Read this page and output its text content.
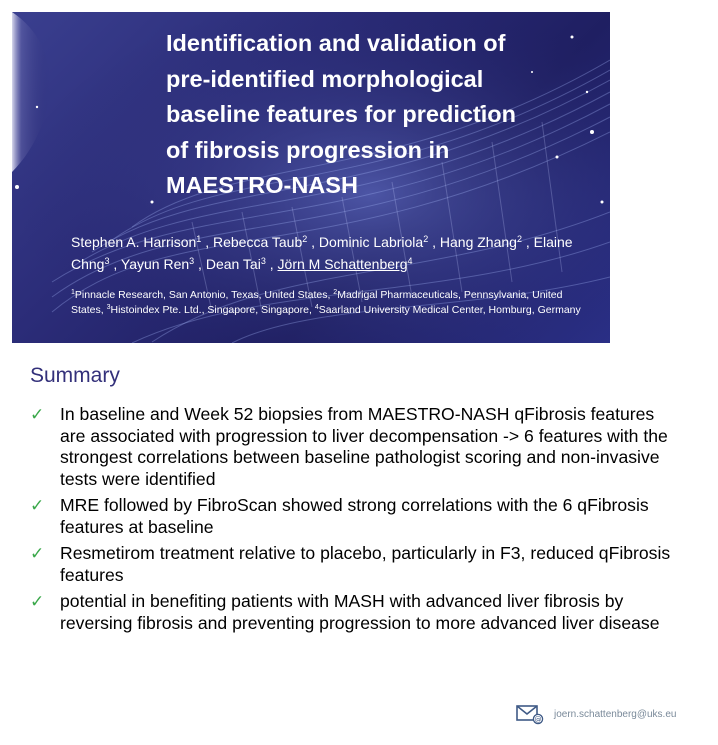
Identification and validation of
pre-identified morphological
baseline features for prediction
of fibrosis progression in
MAESTRO-NASH
Stephen A. Harrison$^1$ , Rebecca Taub$^2$ , Dominic Labriola$^2$ , Hang Zhang$^2$ , Elaine Chng$^3$ , Yayun Ren$^3$ , Dean Tai$^3$ , Jörn M Schattenberg$^4$
$^1$Pinnacle Research, San Antonio, Texas, United States, $^2$Madrigal Pharmaceuticals, Pennsylvania, United States, $^3$Histoindex Pte. Ltd., Singapore, Singapore, $^4$Saarland University Medical Center, Homburg, Germany
Summary
✓ In baseline and Week 52 biopsies from MAESTRO-NASH qFibrosis features are associated with progression to liver decompensation -> 6 features with the strongest correlations between baseline pathologist scoring and non-invasive tests were identified
✓ MRE followed by FibroScan showed strong correlations with the 6 qFibrosis features at baseline
✓ Resmetirom treatment relative to placebo, particularly in F3, reduced qFibrosis features
✓ potential in benefiting patients with MASH with advanced liver fibrosis by reversing fibrosis and preventing progression to more advanced liver disease
@
joern.schattenberg@uks.eu
